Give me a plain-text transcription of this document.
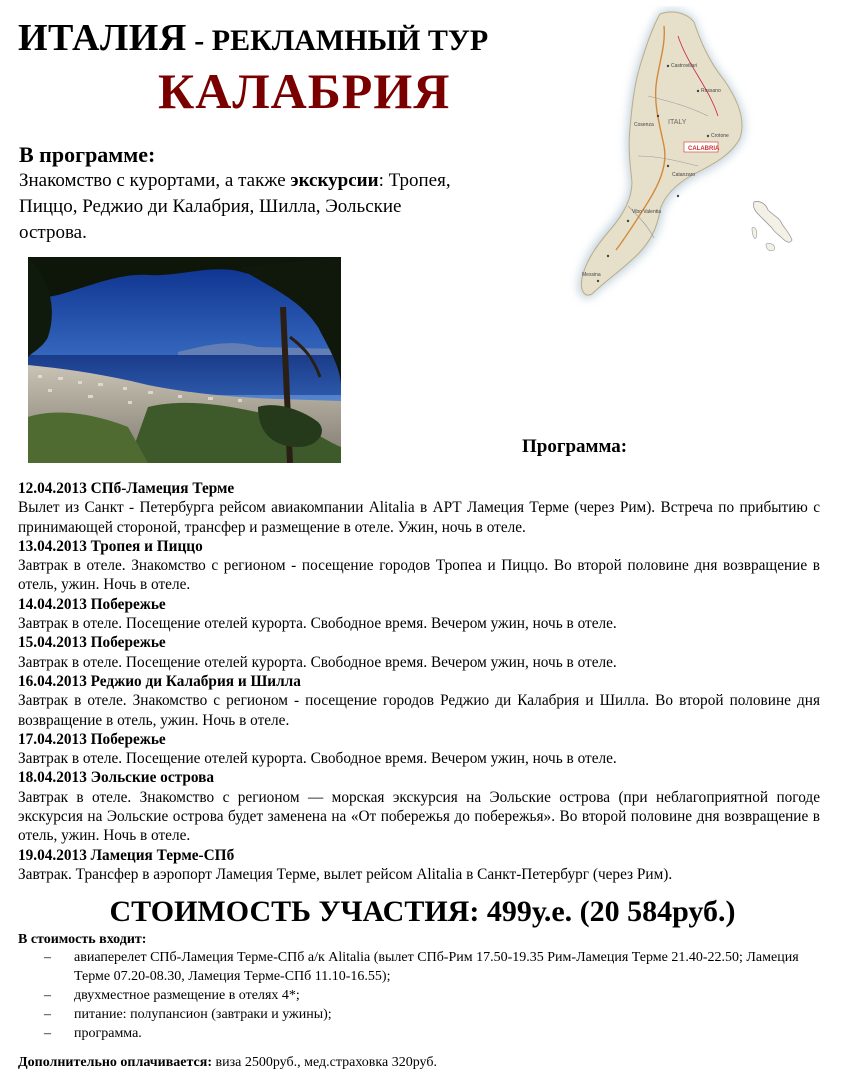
ИТАЛИЯ - РЕКЛАМНЫЙ ТУР
КАЛАБРИЯ
В программе:
Знакомство с курортами, а также экскурсии: Тропея, Пиццо, Реджио ди Калабрия, Шилла, Эольские острова.
Castrovillari
Rossano
Cosenza
Crotone
Catanzaro
Vibo Valentia
Messina
ITALY
CALABRIA
Программа:
12.04.2013 СПб-Ламеция Терме
Вылет из Санкт - Петербурга рейсом авиакомпании Alitalia в АРТ Ламеция Терме (через Рим). Встреча по прибытию с принимающей стороной, трансфер и размещение в отеле. Ужин, ночь в отеле.
13.04.2013 Тропея и Пиццо
Завтрак в отеле. Знакомство с регионом - посещение городов Тропеа и Пиццо. Во второй половине дня возвращение в отель, ужин. Ночь в отеле.
14.04.2013 Побережье
Завтрак в отеле. Посещение отелей курорта. Свободное время. Вечером ужин, ночь в отеле.
15.04.2013 Побережье
Завтрак в отеле. Посещение отелей курорта. Свободное время. Вечером ужин, ночь в отеле.
16.04.2013 Реджио ди Калабрия и Шилла
Завтрак в отеле. Знакомство с регионом - посещение городов Реджио ди Калабрия и Шилла. Во второй половине дня возвращение в отель, ужин. Ночь в отеле.
17.04.2013 Побережье
Завтрак в отеле. Посещение отелей курорта. Свободное время. Вечером ужин, ночь в отеле.
18.04.2013 Эольские острова
Завтрак в отеле. Знакомство с регионом — морская экскурсия на Эольские острова (при неблагоприятной погоде экскурсия на Эольские острова будет заменена на «От побережья до побережья». Во второй половине дня возвращение в отель, ужин. Ночь в отеле.
19.04.2013 Ламеция Терме-СПб
Завтрак. Трансфер в аэропорт Ламеция Терме, вылет рейсом Alitalia в Санкт-Петербург (через Рим).
СТОИМОСТЬ УЧАСТИЯ: 499у.е. (20 584руб.)
В стоимость входит:
– авиаперелет СПб-Ламеция Терме-СПб а/к Alitalia (вылет СПб-Рим 17.50-19.35 Рим-Ламеция Терме 21.40-22.50; Ламеция Терме 07.20-08.30, Ламеция Терме-СПб 11.10-16.55);
– двухместное размещение в отелях 4*;
– питание: полупансион (завтраки и ужины);
– программа.
Дополнительно оплачивается: виза 2500руб., мед.страховка 320руб.
